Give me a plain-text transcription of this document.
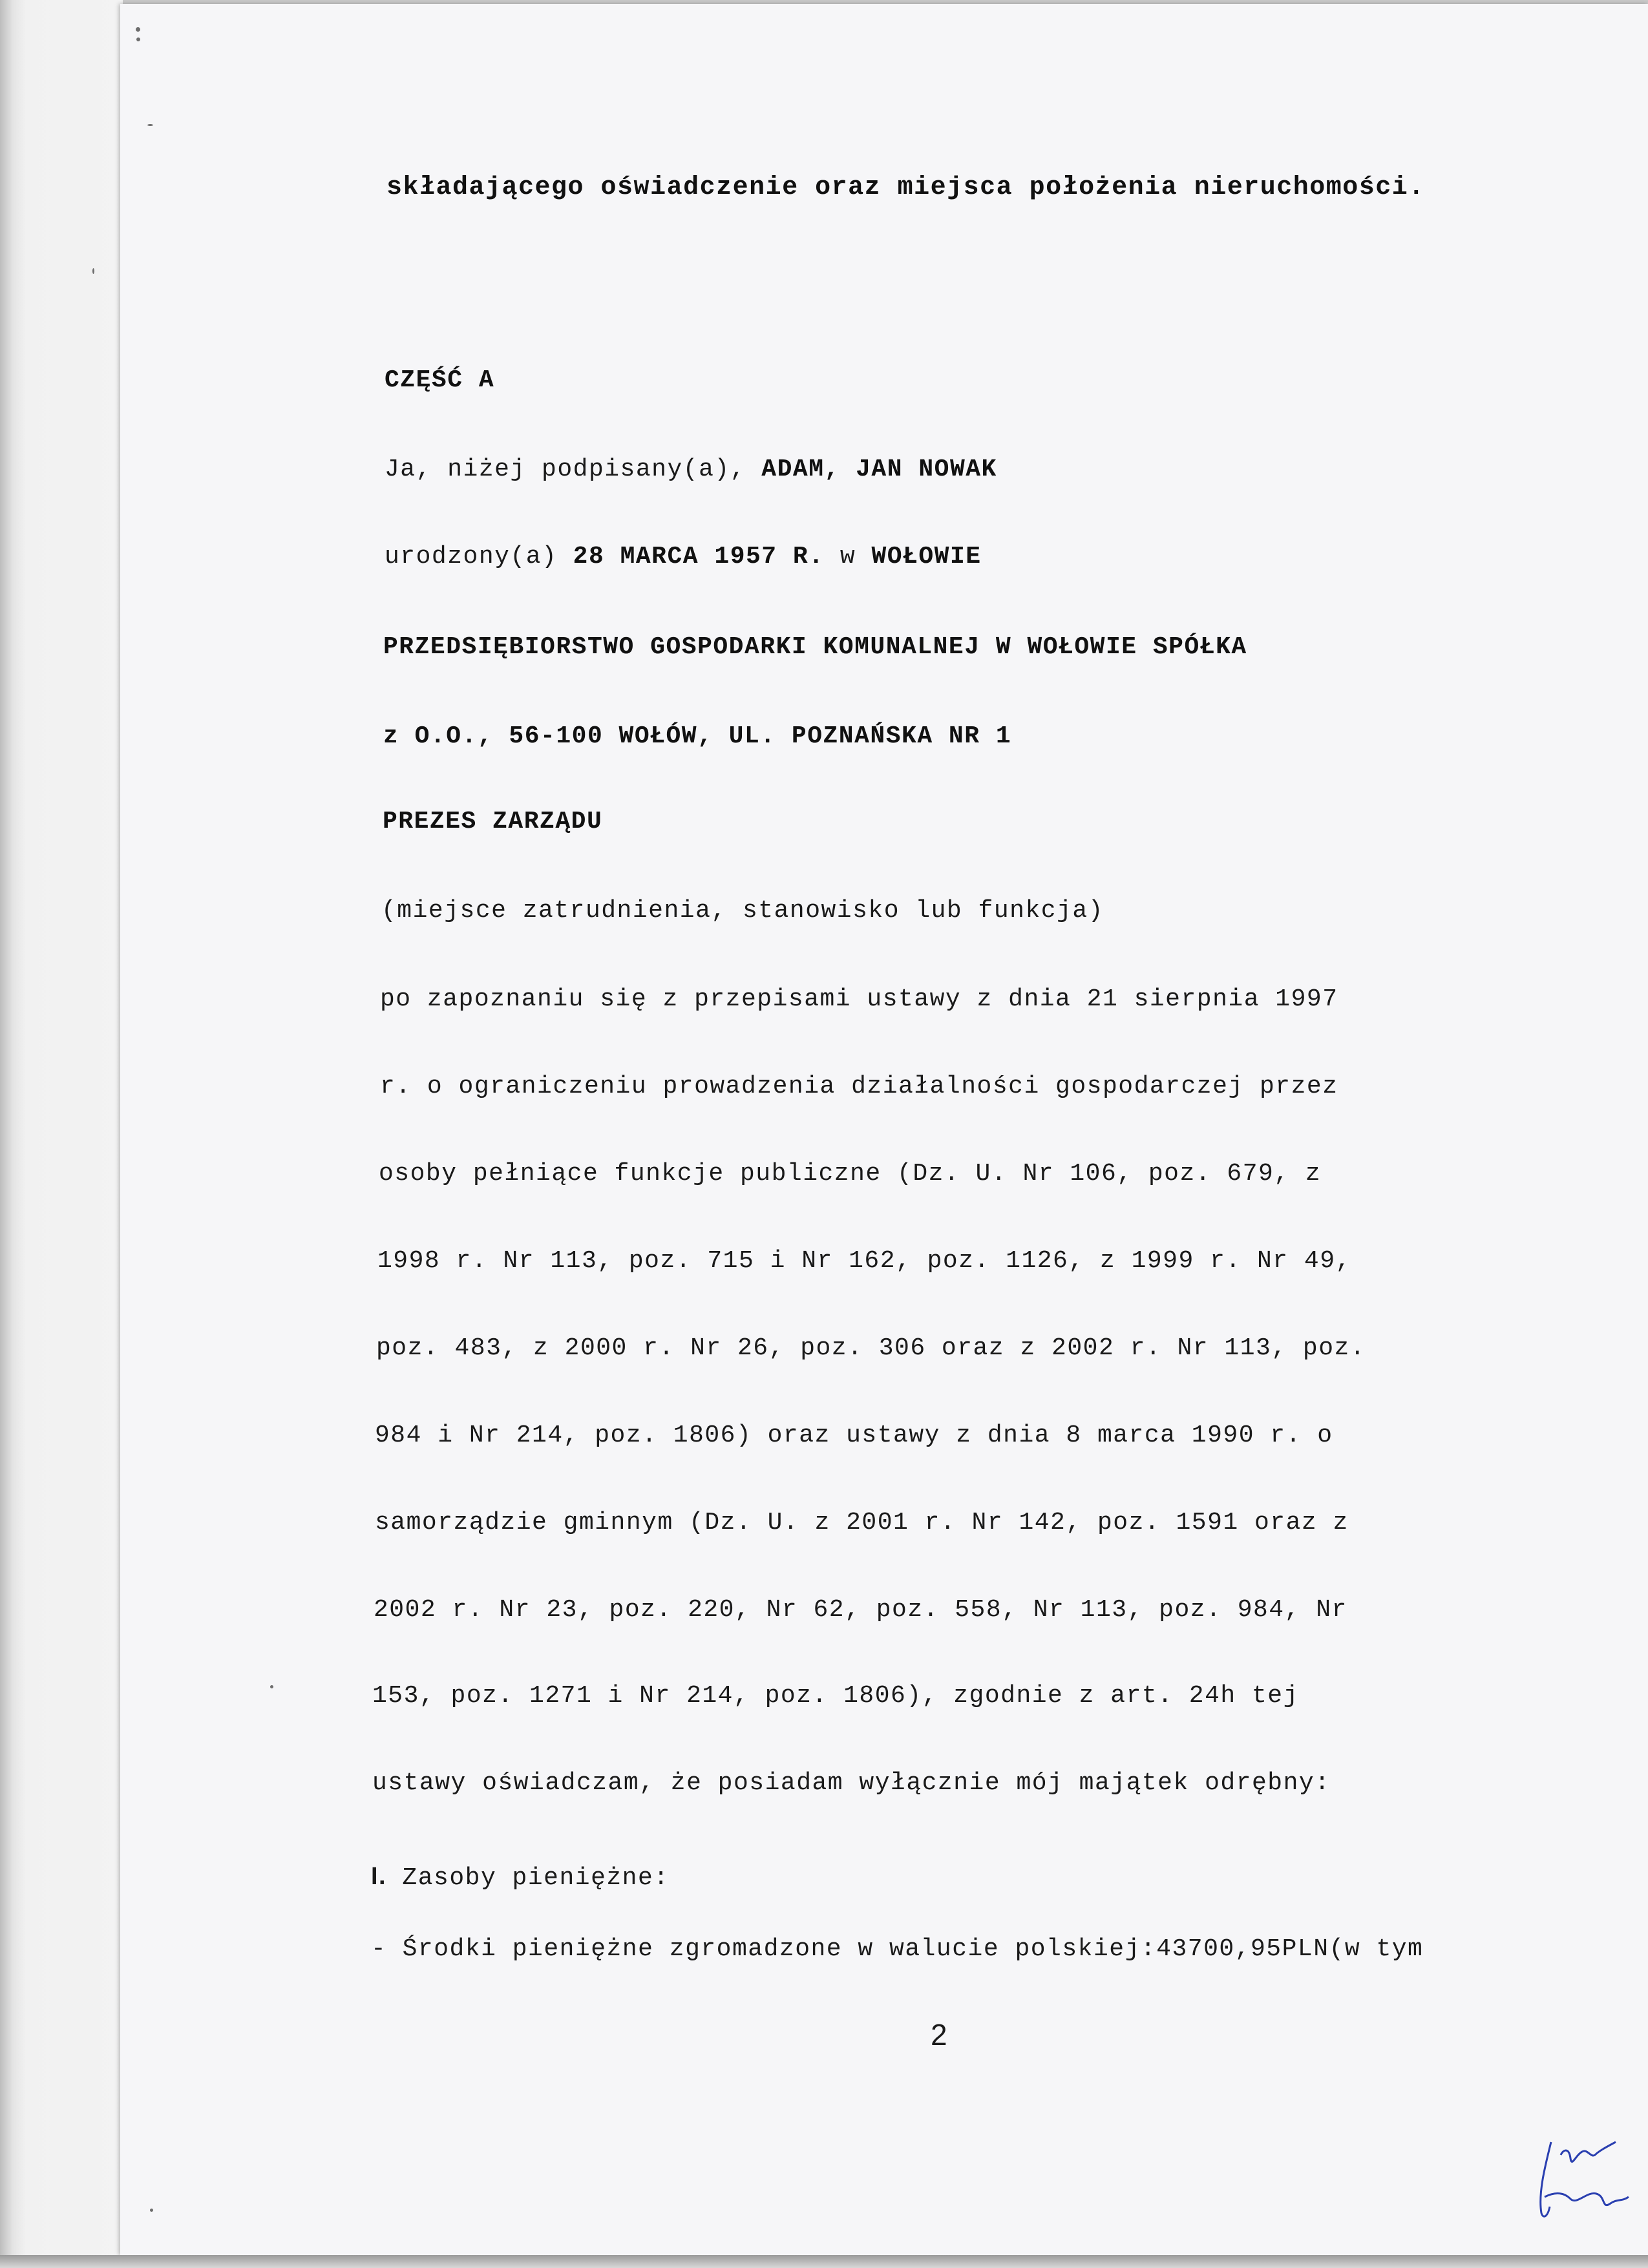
składającego oświadczenie oraz miejsca położenia nieruchomości.
CZĘŚĆ A
Ja, niżej podpisany(a), ADAM, JAN NOWAK
urodzony(a) 28 MARCA 1957 R. w WOŁOWIE
PRZEDSIĘBIORSTWO GOSPODARKI KOMUNALNEJ W WOŁOWIE SPÓŁKA
z O.O., 56-100 WOŁÓW, UL. POZNAŃSKA NR 1
PREZES ZARZĄDU
(miejsce zatrudnienia, stanowisko lub funkcja)
po zapoznaniu się z przepisami ustawy z dnia 21 sierpnia 1997
r. o ograniczeniu prowadzenia działalności gospodarczej przez
osoby pełniące funkcje publiczne (Dz. U. Nr 106, poz. 679, z
1998 r. Nr 113, poz. 715 i Nr 162, poz. 1126, z 1999 r. Nr 49,
poz. 483, z 2000 r. Nr 26, poz. 306 oraz z 2002 r. Nr 113, poz.
984 i Nr 214, poz. 1806) oraz ustawy z dnia 8 marca 1990 r. o
samorządzie gminnym (Dz. U. z 2001 r. Nr 142, poz. 1591 oraz z
2002 r. Nr 23, poz. 220, Nr 62, poz. 558, Nr 113, poz. 984, Nr
153, poz. 1271 i Nr 214, poz. 1806), zgodnie z art. 24h tej
ustawy oświadczam, że posiadam wyłącznie mój majątek odrębny:
I. Zasoby pieniężne:
- Środki pieniężne zgromadzone w walucie polskiej:43700,95PLN(w tym
2
